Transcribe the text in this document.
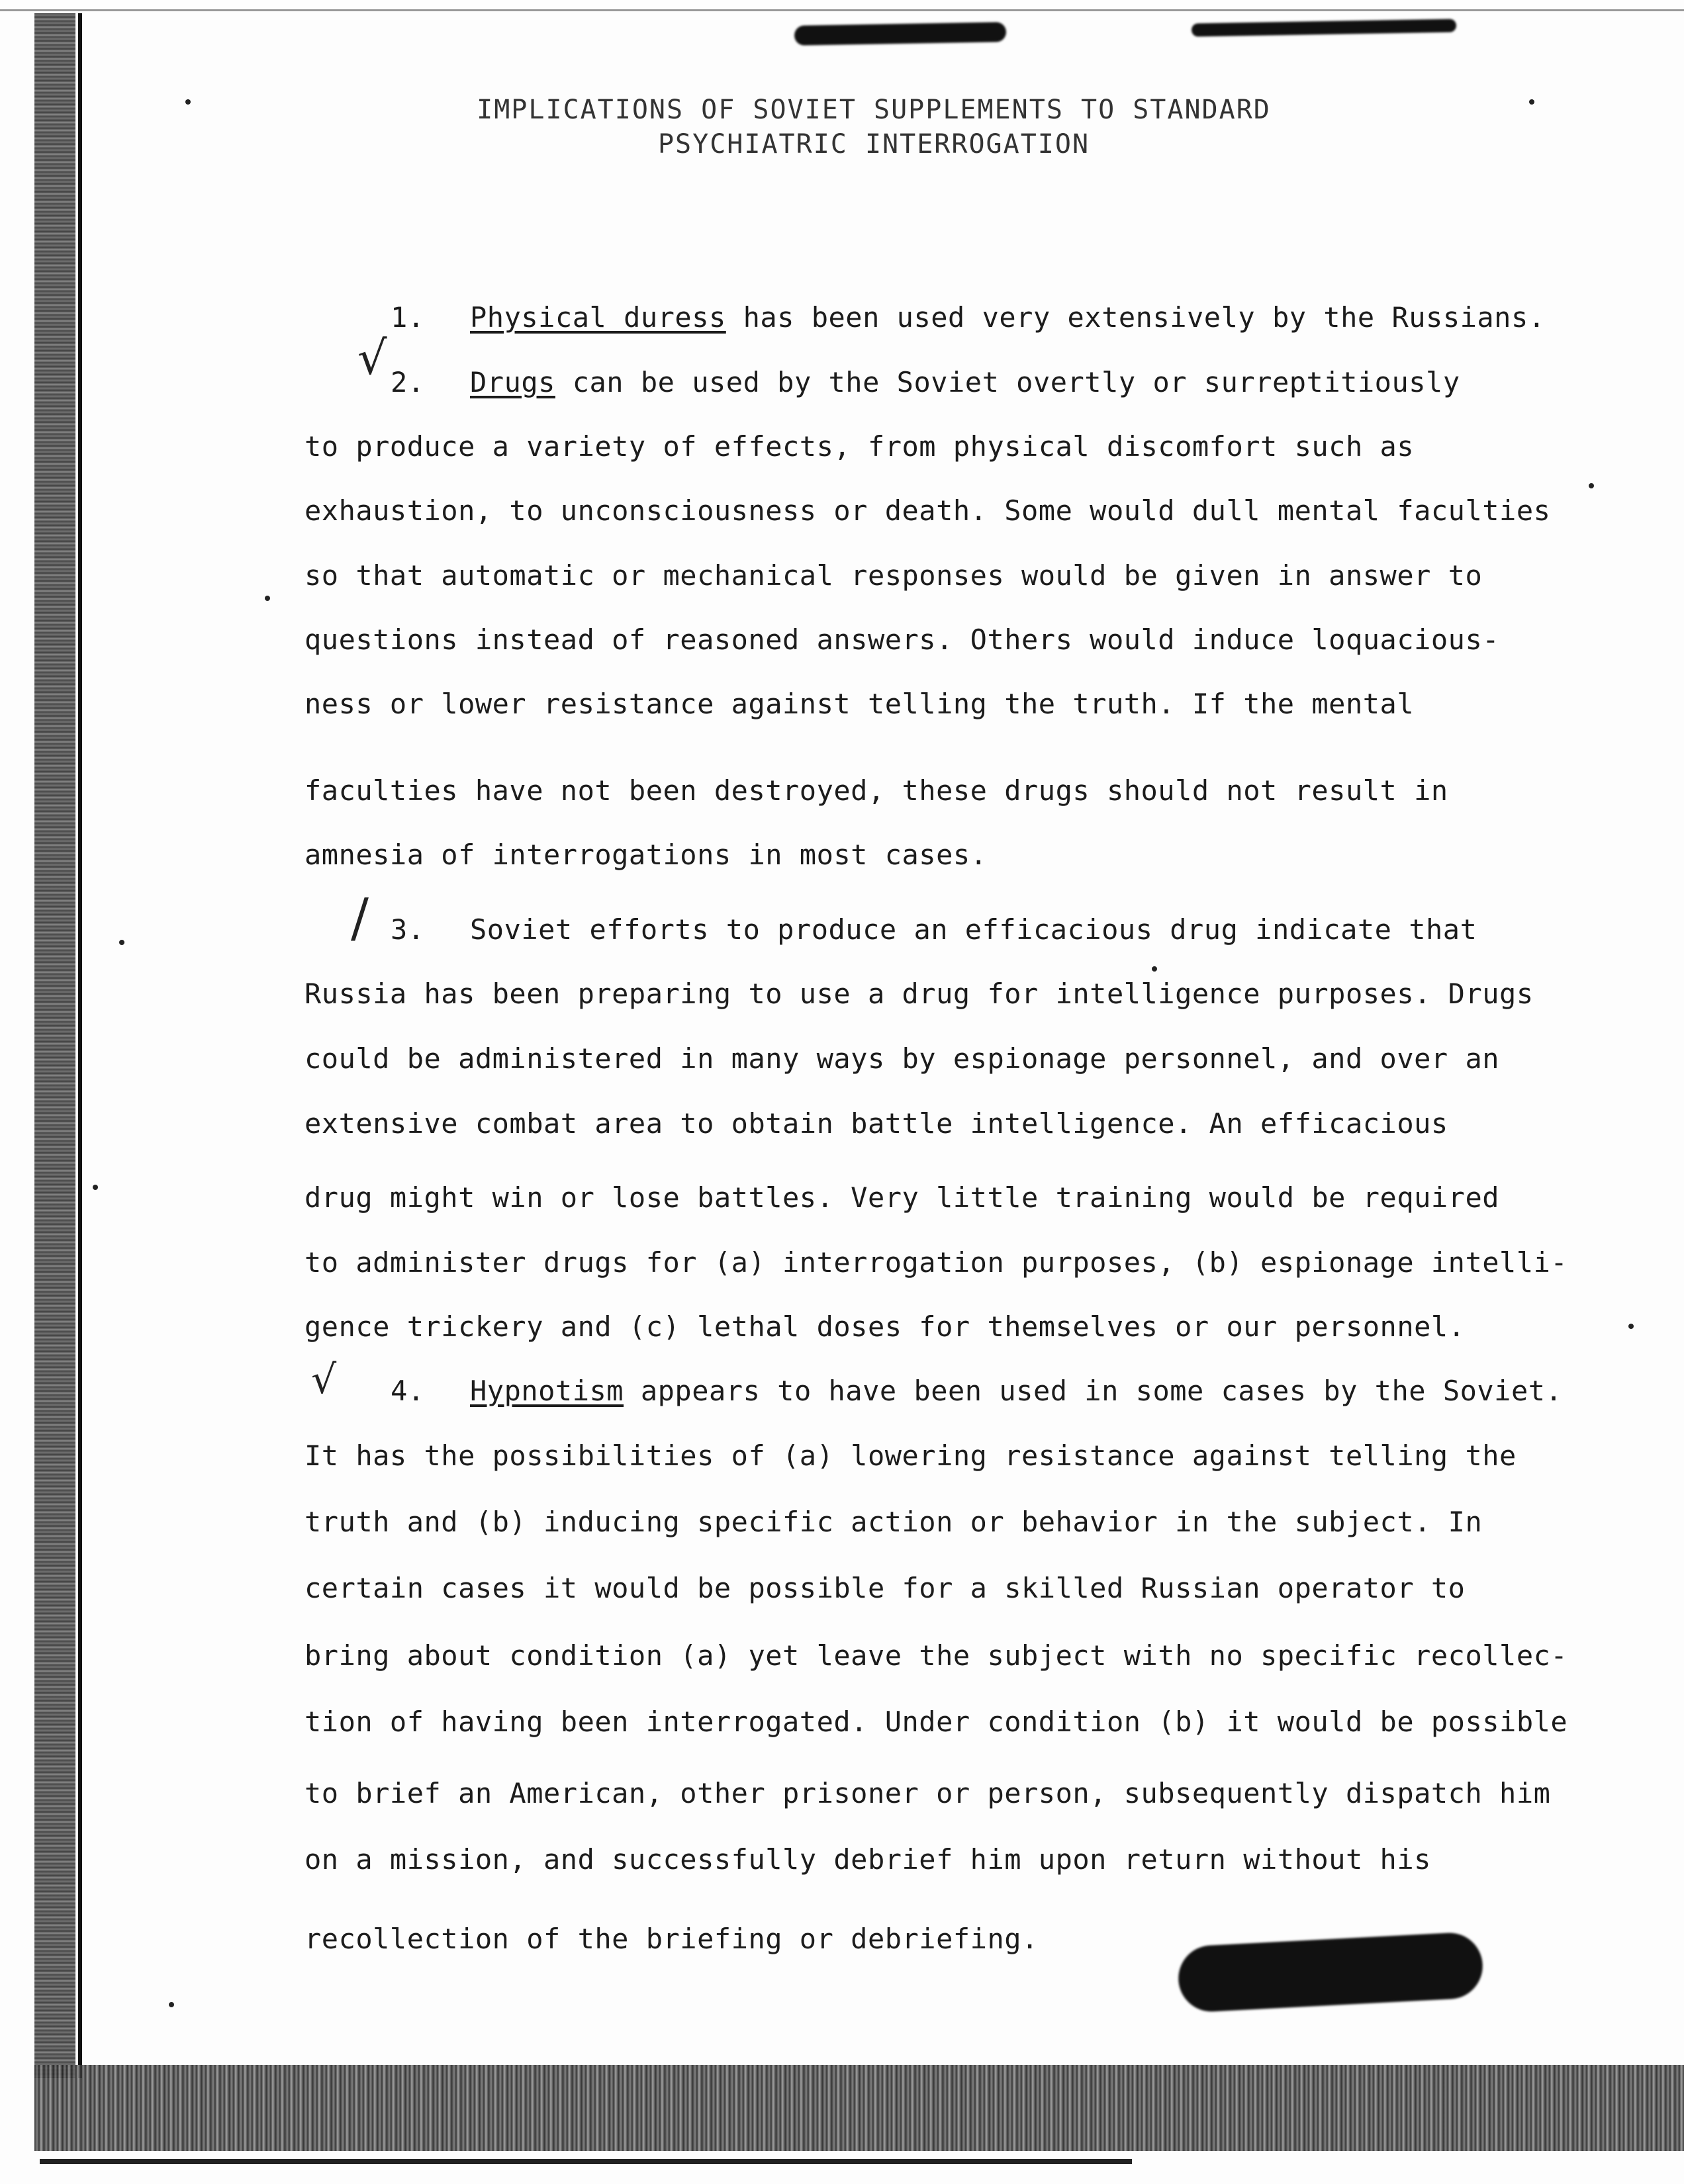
IMPLICATIONS OF SOVIET SUPPLEMENTS TO STANDARD
PSYCHIATRIC INTERROGATION
1. Physical duress has been used very extensively by the Russians.
√ 2. Drugs can be used by the Soviet overtly or surreptitiously
to produce a variety of effects, from physical discomfort such as
exhaustion, to unconsciousness or death. Some would dull mental faculties
so that automatic or mechanical responses would be given in answer to
questions instead of reasoned answers. Others would induce loquacious-
ness or lower resistance against telling the truth. If the mental
faculties have not been destroyed, these drugs should not result in
amnesia of interrogations in most cases.
/ 3. Soviet efforts to produce an efficacious drug indicate that
Russia has been preparing to use a drug for intelligence purposes. Drugs
could be administered in many ways by espionage personnel, and over an
extensive combat area to obtain battle intelligence. An efficacious
drug might win or lose battles. Very little training would be required
to administer drugs for (a) interrogation purposes, (b) espionage intelli-
gence trickery and (c) lethal doses for themselves or our personnel.
√ 4. Hypnotism appears to have been used in some cases by the Soviet.
It has the possibilities of (a) lowering resistance against telling the
truth and (b) inducing specific action or behavior in the subject. In
certain cases it would be possible for a skilled Russian operator to
bring about condition (a) yet leave the subject with no specific recollec-
tion of having been interrogated. Under condition (b) it would be possible
to brief an American, other prisoner or person, subsequently dispatch him
on a mission, and successfully debrief him upon return without his
recollection of the briefing or debriefing.
